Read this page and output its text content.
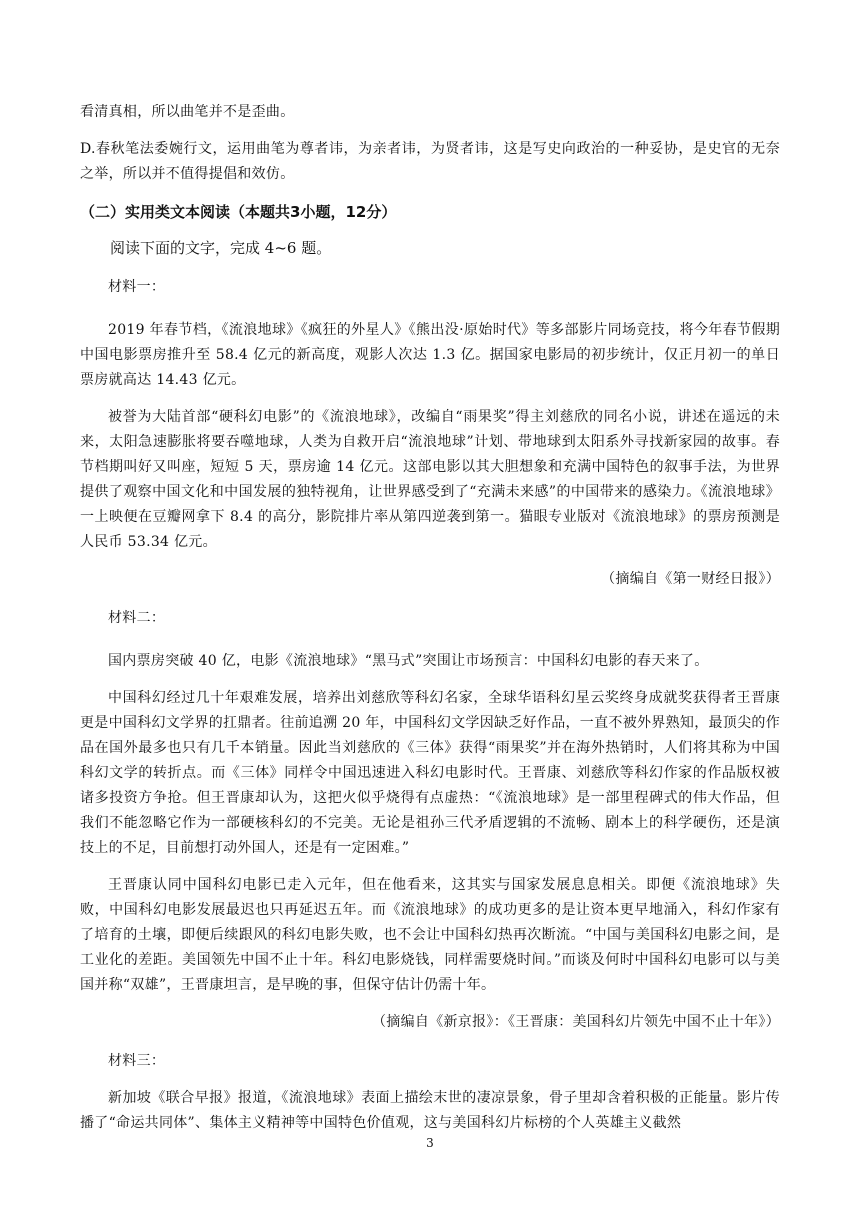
看清真相，所以曲笔并不是歪曲。

D.春秋笔法委婉行文，运用曲笔为尊者讳，为亲者讳，为贤者讳，这是写史向政治的一种妥协，是史官的无奈之举，所以并不值得提倡和效仿。

（二）实用类文本阅读（本题共3小题，12分）
阅读下面的文字，完成 4~6 题。

材料一：

2019 年春节档，《流浪地球》《疯狂的外星人》《熊出没·原始时代》等多部影片同场竞技，将今年春节假期中国电影票房推升至 58.4 亿元的新高度，观影人次达 1.3 亿。据国家电影局的初步统计，仅正月初一的单日票房就高达 14.43 亿元。

被誉为大陆首部“硬科幻电影”的《流浪地球》，改编自“雨果奖”得主刘慈欣的同名小说，讲述在遥远的未来，太阳急速膨胀将要吞噬地球，人类为自救开启“流浪地球”计划、带地球到太阳系外寻找新家园的故事。春节档期叫好又叫座，短短 5 天，票房逾 14 亿元。这部电影以其大胆想象和充满中国特色的叙事手法，为世界提供了观察中国文化和中国发展的独特视角，让世界感受到了“充满未来感”的中国带来的感染力。《流浪地球》一上映便在豆瓣网拿下 8.4 的高分，影院排片率从第四逆袭到第一。猫眼专业版对《流浪地球》的票房预测是人民币 53.34 亿元。

（摘编自《第一财经日报》）

材料二：

国内票房突破 40 亿，电影《流浪地球》“黑马式”突围让市场预言：中国科幻电影的春天来了。

中国科幻经过几十年艰难发展，培养出刘慈欣等科幻名家，全球华语科幻星云奖终身成就奖获得者王晋康更是中国科幻文学界的扛鼎者。往前追溯 20 年，中国科幻文学因缺乏好作品，一直不被外界熟知，最顶尖的作品在国外最多也只有几千本销量。因此当刘慈欣的《三体》获得“雨果奖”并在海外热销时，人们将其称为中国科幻文学的转折点。而《三体》同样令中国迅速进入科幻电影时代。王晋康、刘慈欣等科幻作家的作品版权被诸多投资方争抢。但王晋康却认为，这把火似乎烧得有点虚热：“《流浪地球》是一部里程碑式的伟大作品，但我们不能忽略它作为一部硬核科幻的不完美。无论是祖孙三代矛盾逻辑的不流畅、剧本上的科学硬伤，还是演技上的不足，目前想打动外国人，还是有一定困难。”

王晋康认同中国科幻电影已走入元年，但在他看来，这其实与国家发展息息相关。即便《流浪地球》失败，中国科幻电影发展最迟也只再延迟五年。而《流浪地球》的成功更多的是让资本更早地涌入，科幻作家有了培育的土壤，即便后续跟风的科幻电影失败，也不会让中国科幻热再次断流。“中国与美国科幻电影之间，是工业化的差距。美国领先中国不止十年。科幻电影烧钱，同样需要烧时间。”而谈及何时中国科幻电影可以与美国并称“双雄”，王晋康坦言，是早晚的事，但保守估计仍需十年。

（摘编自《新京报》：《王晋康：美国科幻片领先中国不止十年》）

材料三：

新加坡《联合早报》报道，《流浪地球》表面上描绘末世的凄凉景象，骨子里却含着积极的正能量。影片传播了“命运共同体”、集体主义精神等中国特色价值观，这与美国科幻片标榜的个人英雄主义截然

3
